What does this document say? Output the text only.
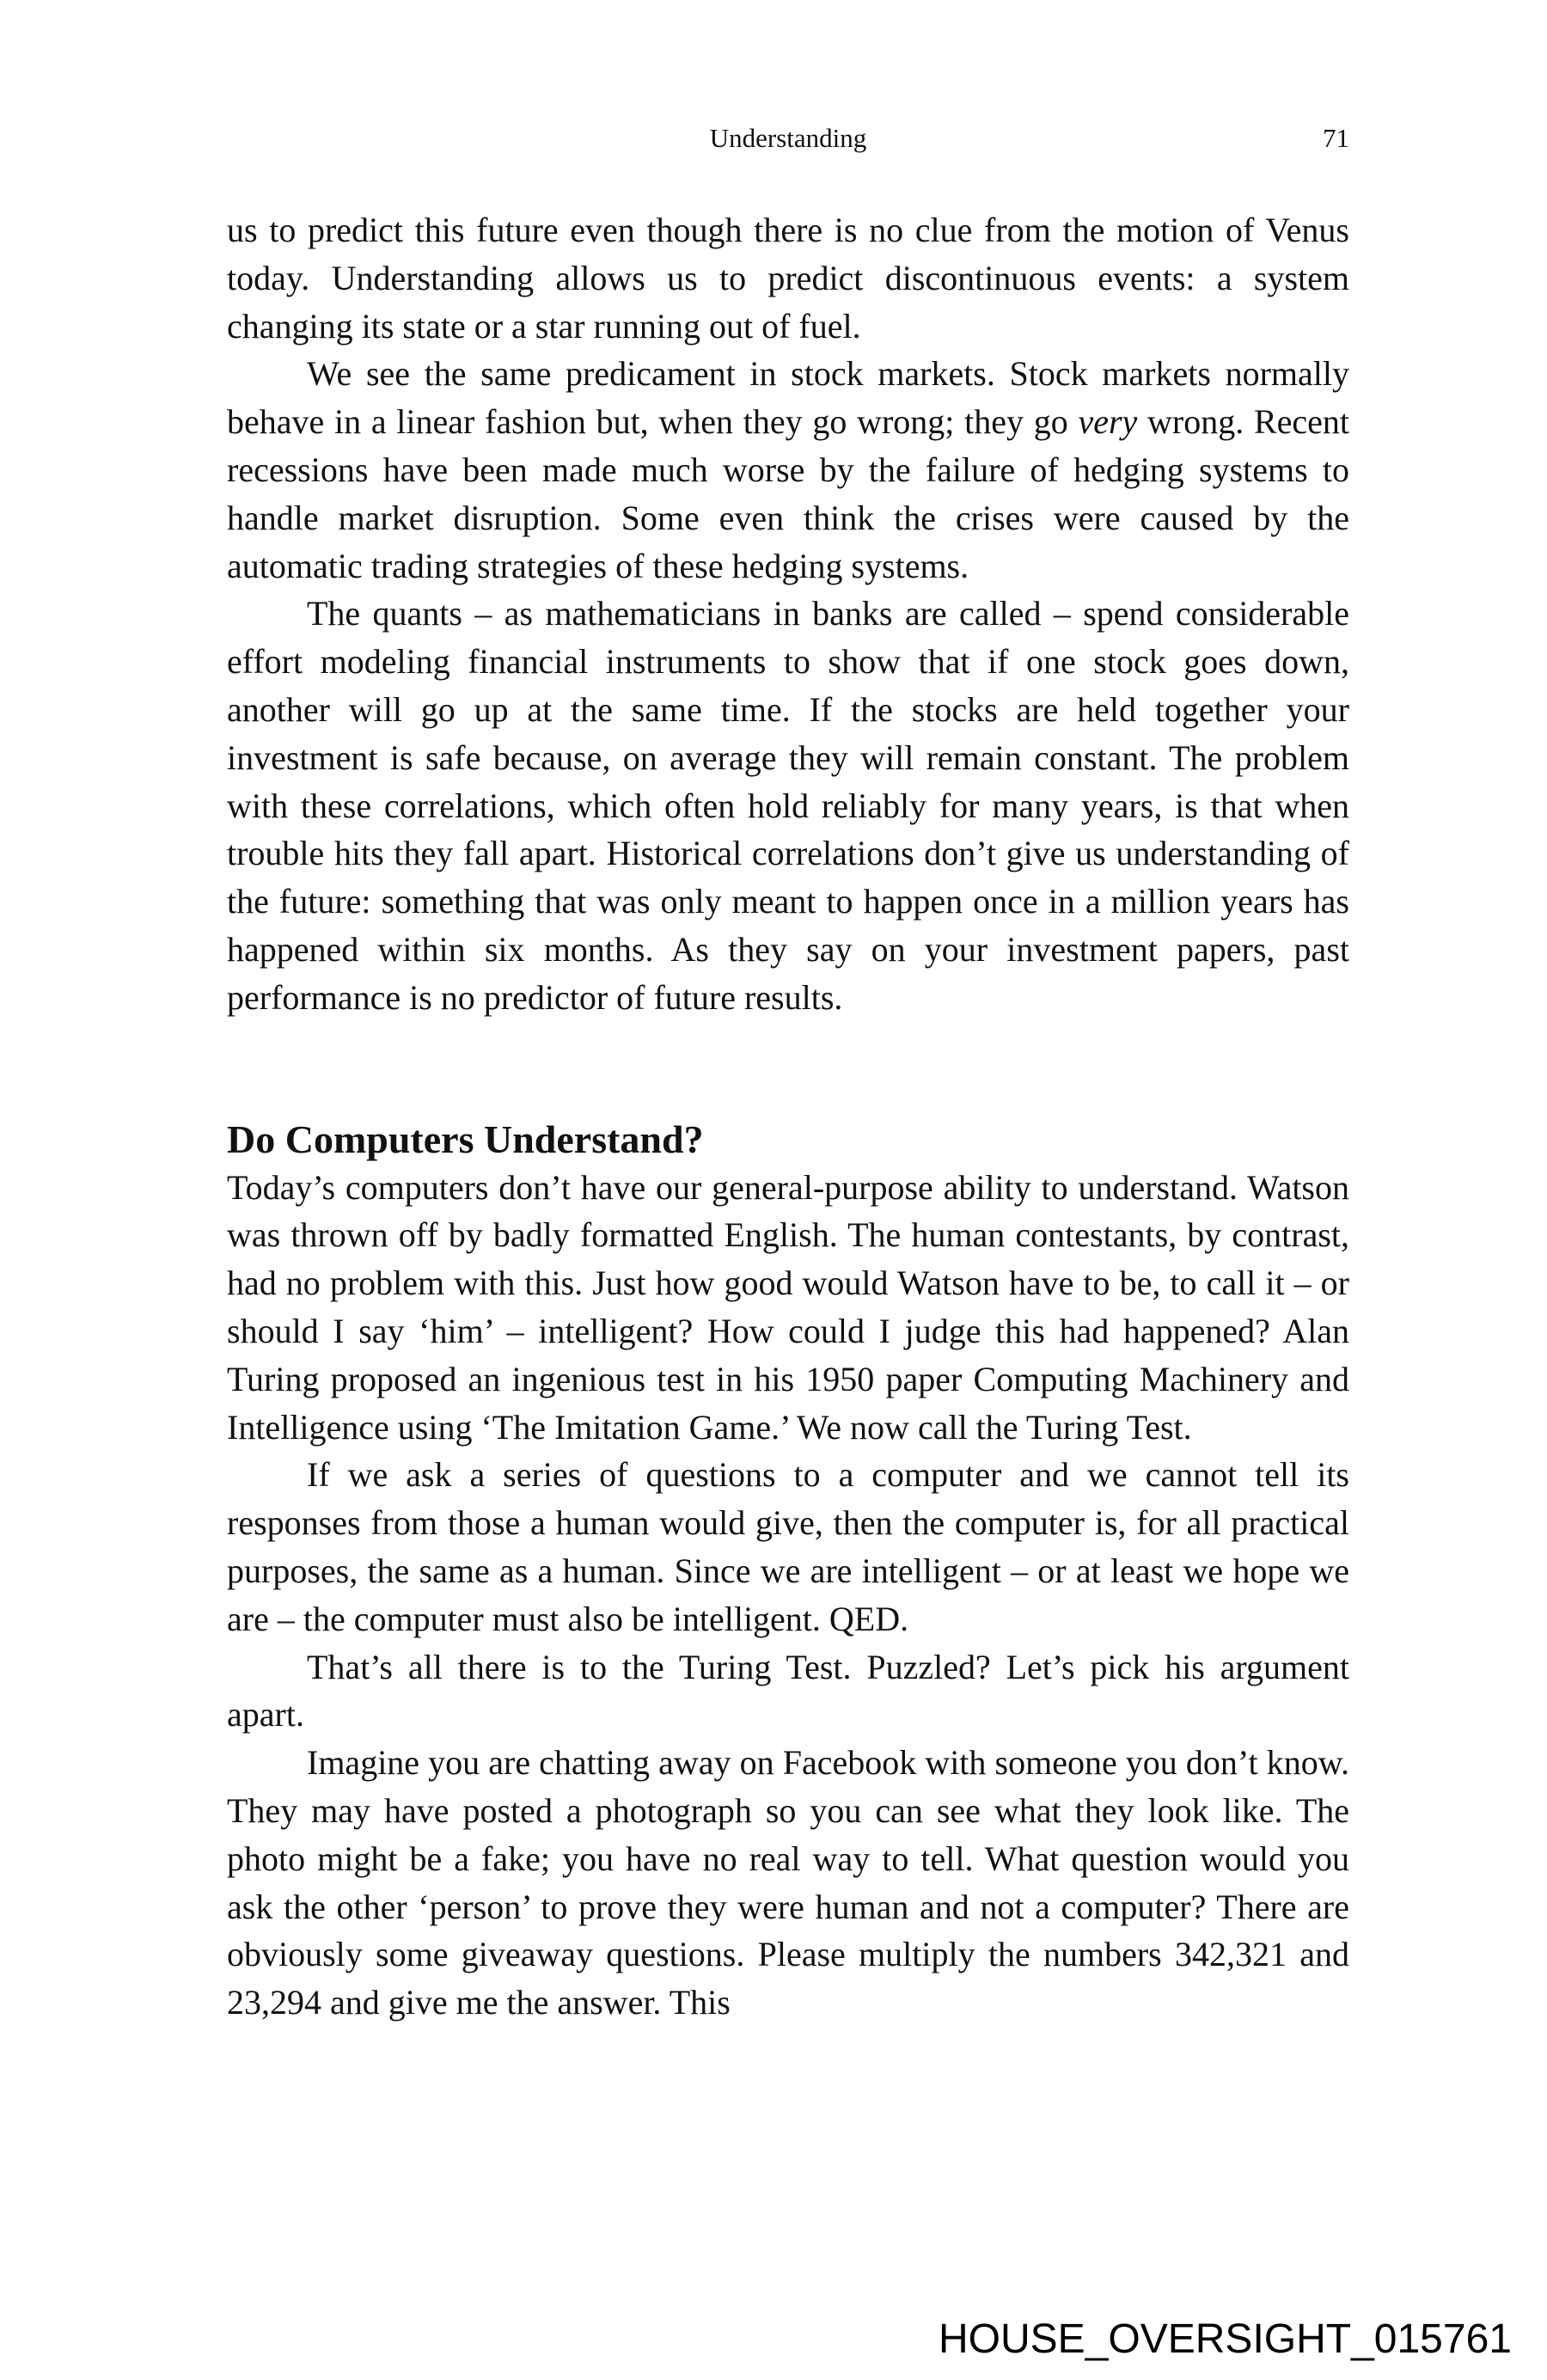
Understanding	71

us to predict this future even though there is no clue from the motion of Venus today. Understanding allows us to predict discontinuous events: a system changing its state or a star running out of fuel.

We see the same predicament in stock markets. Stock markets normally behave in a linear fashion but, when they go wrong; they go very wrong. Recent recessions have been made much worse by the failure of hedging systems to handle market disruption. Some even think the crises were caused by the automatic trading strategies of these hedging systems.

The quants – as mathematicians in banks are called – spend considerable effort modeling financial instruments to show that if one stock goes down, another will go up at the same time. If the stocks are held together your investment is safe because, on average they will remain constant. The problem with these correlations, which often hold reliably for many years, is that when trouble hits they fall apart. Historical correlations don’t give us understanding of the future: something that was only meant to happen once in a million years has happened within six months. As they say on your investment papers, past performance is no predictor of future results.

Do Computers Understand?

Today’s computers don’t have our general-purpose ability to understand. Watson was thrown off by badly formatted English. The human contestants, by contrast, had no problem with this. Just how good would Watson have to be, to call it – or should I say ‘him’ – intelligent? How could I judge this had happened? Alan Turing proposed an ingenious test in his 1950 paper Computing Machinery and Intelligence using ‘The Imitation Game.’ We now call the Turing Test.

If we ask a series of questions to a computer and we cannot tell its responses from those a human would give, then the computer is, for all practical purposes, the same as a human. Since we are intelligent – or at least we hope we are – the computer must also be intelligent. QED.

That’s all there is to the Turing Test. Puzzled? Let’s pick his argument apart.

Imagine you are chatting away on Facebook with someone you don’t know. They may have posted a photograph so you can see what they look like. The photo might be a fake; you have no real way to tell. What question would you ask the other ‘person’ to prove they were human and not a computer? There are obviously some giveaway questions. Please multiply the numbers 342,321 and 23,294 and give me the answer. This

HOUSE_OVERSIGHT_015761
